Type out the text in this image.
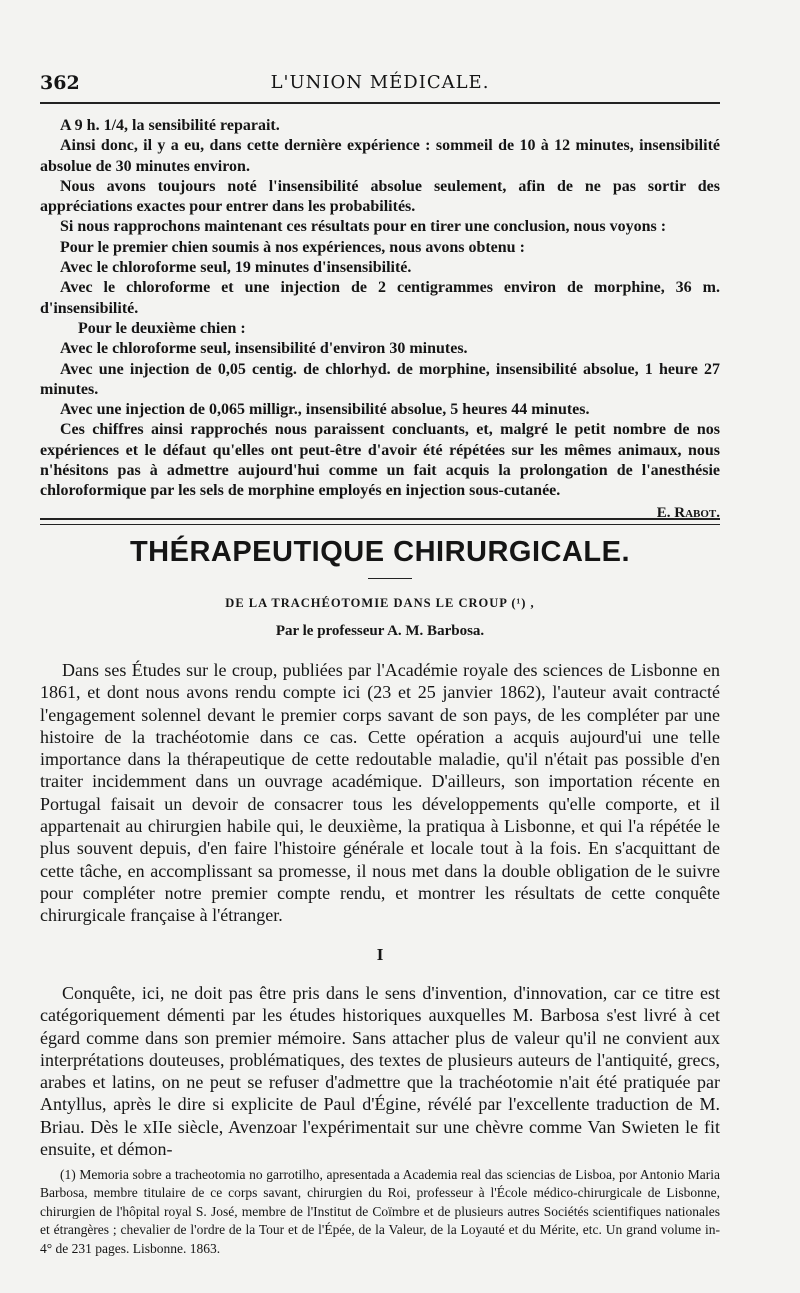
362	L'UNION MÉDICALE.

A 9 h. 1/4, la sensibilité reparait.

Ainsi donc, il y a eu, dans cette dernière expérience : sommeil de 10 à 12 minutes, insensibilité absolue de 30 minutes environ.

Nous avons toujours noté l'insensibilité absolue seulement, afin de ne pas sortir des appréciations exactes pour entrer dans les probabilités.

Si nous rapprochons maintenant ces résultats pour en tirer une conclusion, nous voyons :

Pour le premier chien soumis à nos expériences, nous avons obtenu :

Avec le chloroforme seul, 19 minutes d'insensibilité.

Avec le chloroforme et une injection de 2 centigrammes environ de morphine, 36 m. d'insensibilité.

Pour le deuxième chien :

Avec le chloroforme seul, insensibilité d'environ 30 minutes.

Avec une injection de 0,05 centig. de chlorhyd. de morphine, insensibilité absolue, 1 heure 27 minutes.

Avec une injection de 0,065 milligr., insensibilité absolue, 5 heures 44 minutes.

Ces chiffres ainsi rapprochés nous paraissent concluants, et, malgré le petit nombre de nos expériences et le défaut qu'elles ont peut-être d'avoir été répétées sur les mêmes animaux, nous n'hésitons pas à admettre aujourd'hui comme un fait acquis la prolongation de l'anesthésie chloroformique par les sels de morphine employés en injection sous-cutanée.

E. Rabot.
THÉRAPEUTIQUE CHIRURGICALE.
DE LA TRACHÉOTOMIE DANS LE CROUP (¹) ,
Par le professeur A. M. Barbosa.

Dans ses Études sur le croup, publiées par l'Académie royale des sciences de Lisbonne en 1861, et dont nous avons rendu compte ici (23 et 25 janvier 1862), l'auteur avait contracté l'engagement solennel devant le premier corps savant de son pays, de les compléter par une histoire de la trachéotomie dans ce cas. Cette opération a acquis aujourd'ui une telle importance dans la thérapeutique de cette redoutable maladie, qu'il n'était pas possible d'en traiter incidemment dans un ouvrage académique. D'ailleurs, son importation récente en Portugal faisait un devoir de consacrer tous les développements qu'elle comporte, et il appartenait au chirurgien habile qui, le deuxième, la pratiqua à Lisbonne, et qui l'a répétée le plus souvent depuis, d'en faire l'histoire générale et locale tout à la fois. En s'acquittant de cette tâche, en accomplissant sa promesse, il nous met dans la double obligation de le suivre pour compléter notre premier compte rendu, et montrer les résultats de cette conquête chirurgicale française à l'étranger.

I

Conquête, ici, ne doit pas être pris dans le sens d'invention, d'innovation, car ce titre est catégoriquement démenti par les études historiques auxquelles M. Barbosa s'est livré à cet égard comme dans son premier mémoire. Sans attacher plus de valeur qu'il ne convient aux interprétations douteuses, problématiques, des textes de plusieurs auteurs de l'antiquité, grecs, arabes et latins, on ne peut se refuser d'admettre que la trachéotomie n'ait été pratiquée par Antyllus, après le dire si explicite de Paul d'Égine, révélé par l'excellente traduction de M. Briau. Dès le xIIe siècle, Avenzoar l'expérimentait sur une chèvre comme Van Swieten le fit ensuite, et démon-

(1) Memoria sobre a tracheotomia no garrotilho, apresentada a Academia real das sciencias de Lisboa, por Antonio Maria Barbosa, membre titulaire de ce corps savant, chirurgien du Roi, professeur à l'École médico-chirurgicale de Lisbonne, chirurgien de l'hôpital royal S. José, membre de l'Institut de Coïmbre et de plusieurs autres Sociétés scientifiques nationales et étrangères ; chevalier de l'ordre de la Tour et de l'Épée, de la Valeur, de la Loyauté et du Mérite, etc. Un grand volume in-4° de 231 pages. Lisbonne. 1863.
